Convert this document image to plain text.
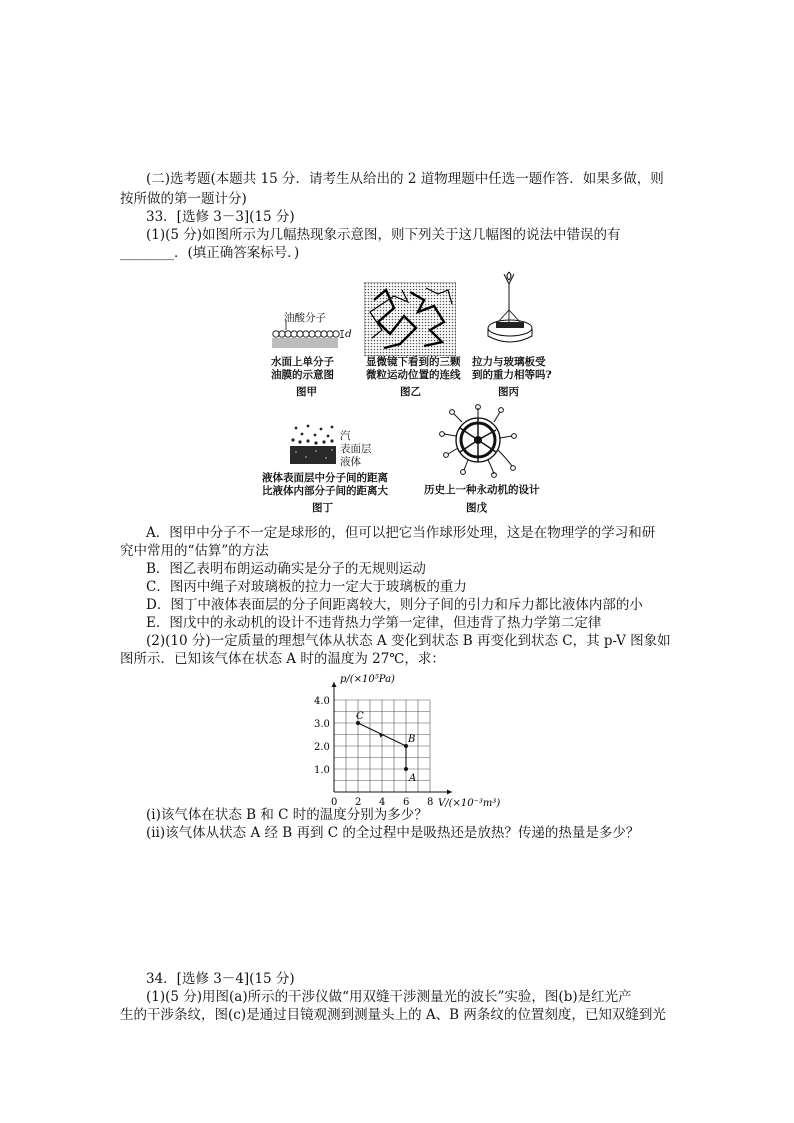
(二)选考题(本题共 15 分．请考生从给出的 2 道物理题中任选一题作答．如果多做，则
按所做的第一题计分)
33．[选修 3－3](15 分)
(1)(5 分)如图所示为几幅热现象示意图，则下列关于这几幅图的说法中错误的有
________．(填正确答案标号．)
油酸分子
d
水面上单分子
油膜的示意图
图甲
显微镜下看到的三颗
微粒运动位置的连线
图乙
拉力与玻璃板受
到的重力相等吗?
图丙
汽
表面层
液体
液体表面层中分子间的距离
比液体内部分子间的距离大
图丁
历史上一种永动机的设计
图戊
A．图甲中分子不一定是球形的，但可以把它当作球形处理，这是在物理学的学习和研
究中常用的“估算”的方法
B．图乙表明布朗运动确实是分子的无规则运动
C．图丙中绳子对玻璃板的拉力一定大于玻璃板的重力
D．图丁中液体表面层的分子间距离较大，则分子间的引力和斥力都比液体内部的小
E．图戊中的永动机的设计不违背热力学第一定律，但违背了热力学第二定律
(2)(10 分)一定质量的理想气体从状态 A 变化到状态 B 再变化到状态 C，其 p-V 图象如
图所示．已知该气体在状态 A 时的温度为 27℃，求：
0 2 4 6 8
1.0
2.0
3.0
4.0
A
B
C
p/(×10⁵Pa)
V/(×10⁻³m³)
(ⅰ)该气体在状态 B 和 C 时的温度分别为多少？
(ⅱ)该气体从状态 A 经 B 再到 C 的全过程中是吸热还是放热？传递的热量是多少？
34．[选修 3－4](15 分)
(1)(5 分)用图(a)所示的干涉仪做“用双缝干涉测量光的波长”实验，图(b)是红光产
生的干涉条纹，图(c)是通过目镜观测到测量头上的 A、B 两条纹的位置刻度，已知双缝到光
